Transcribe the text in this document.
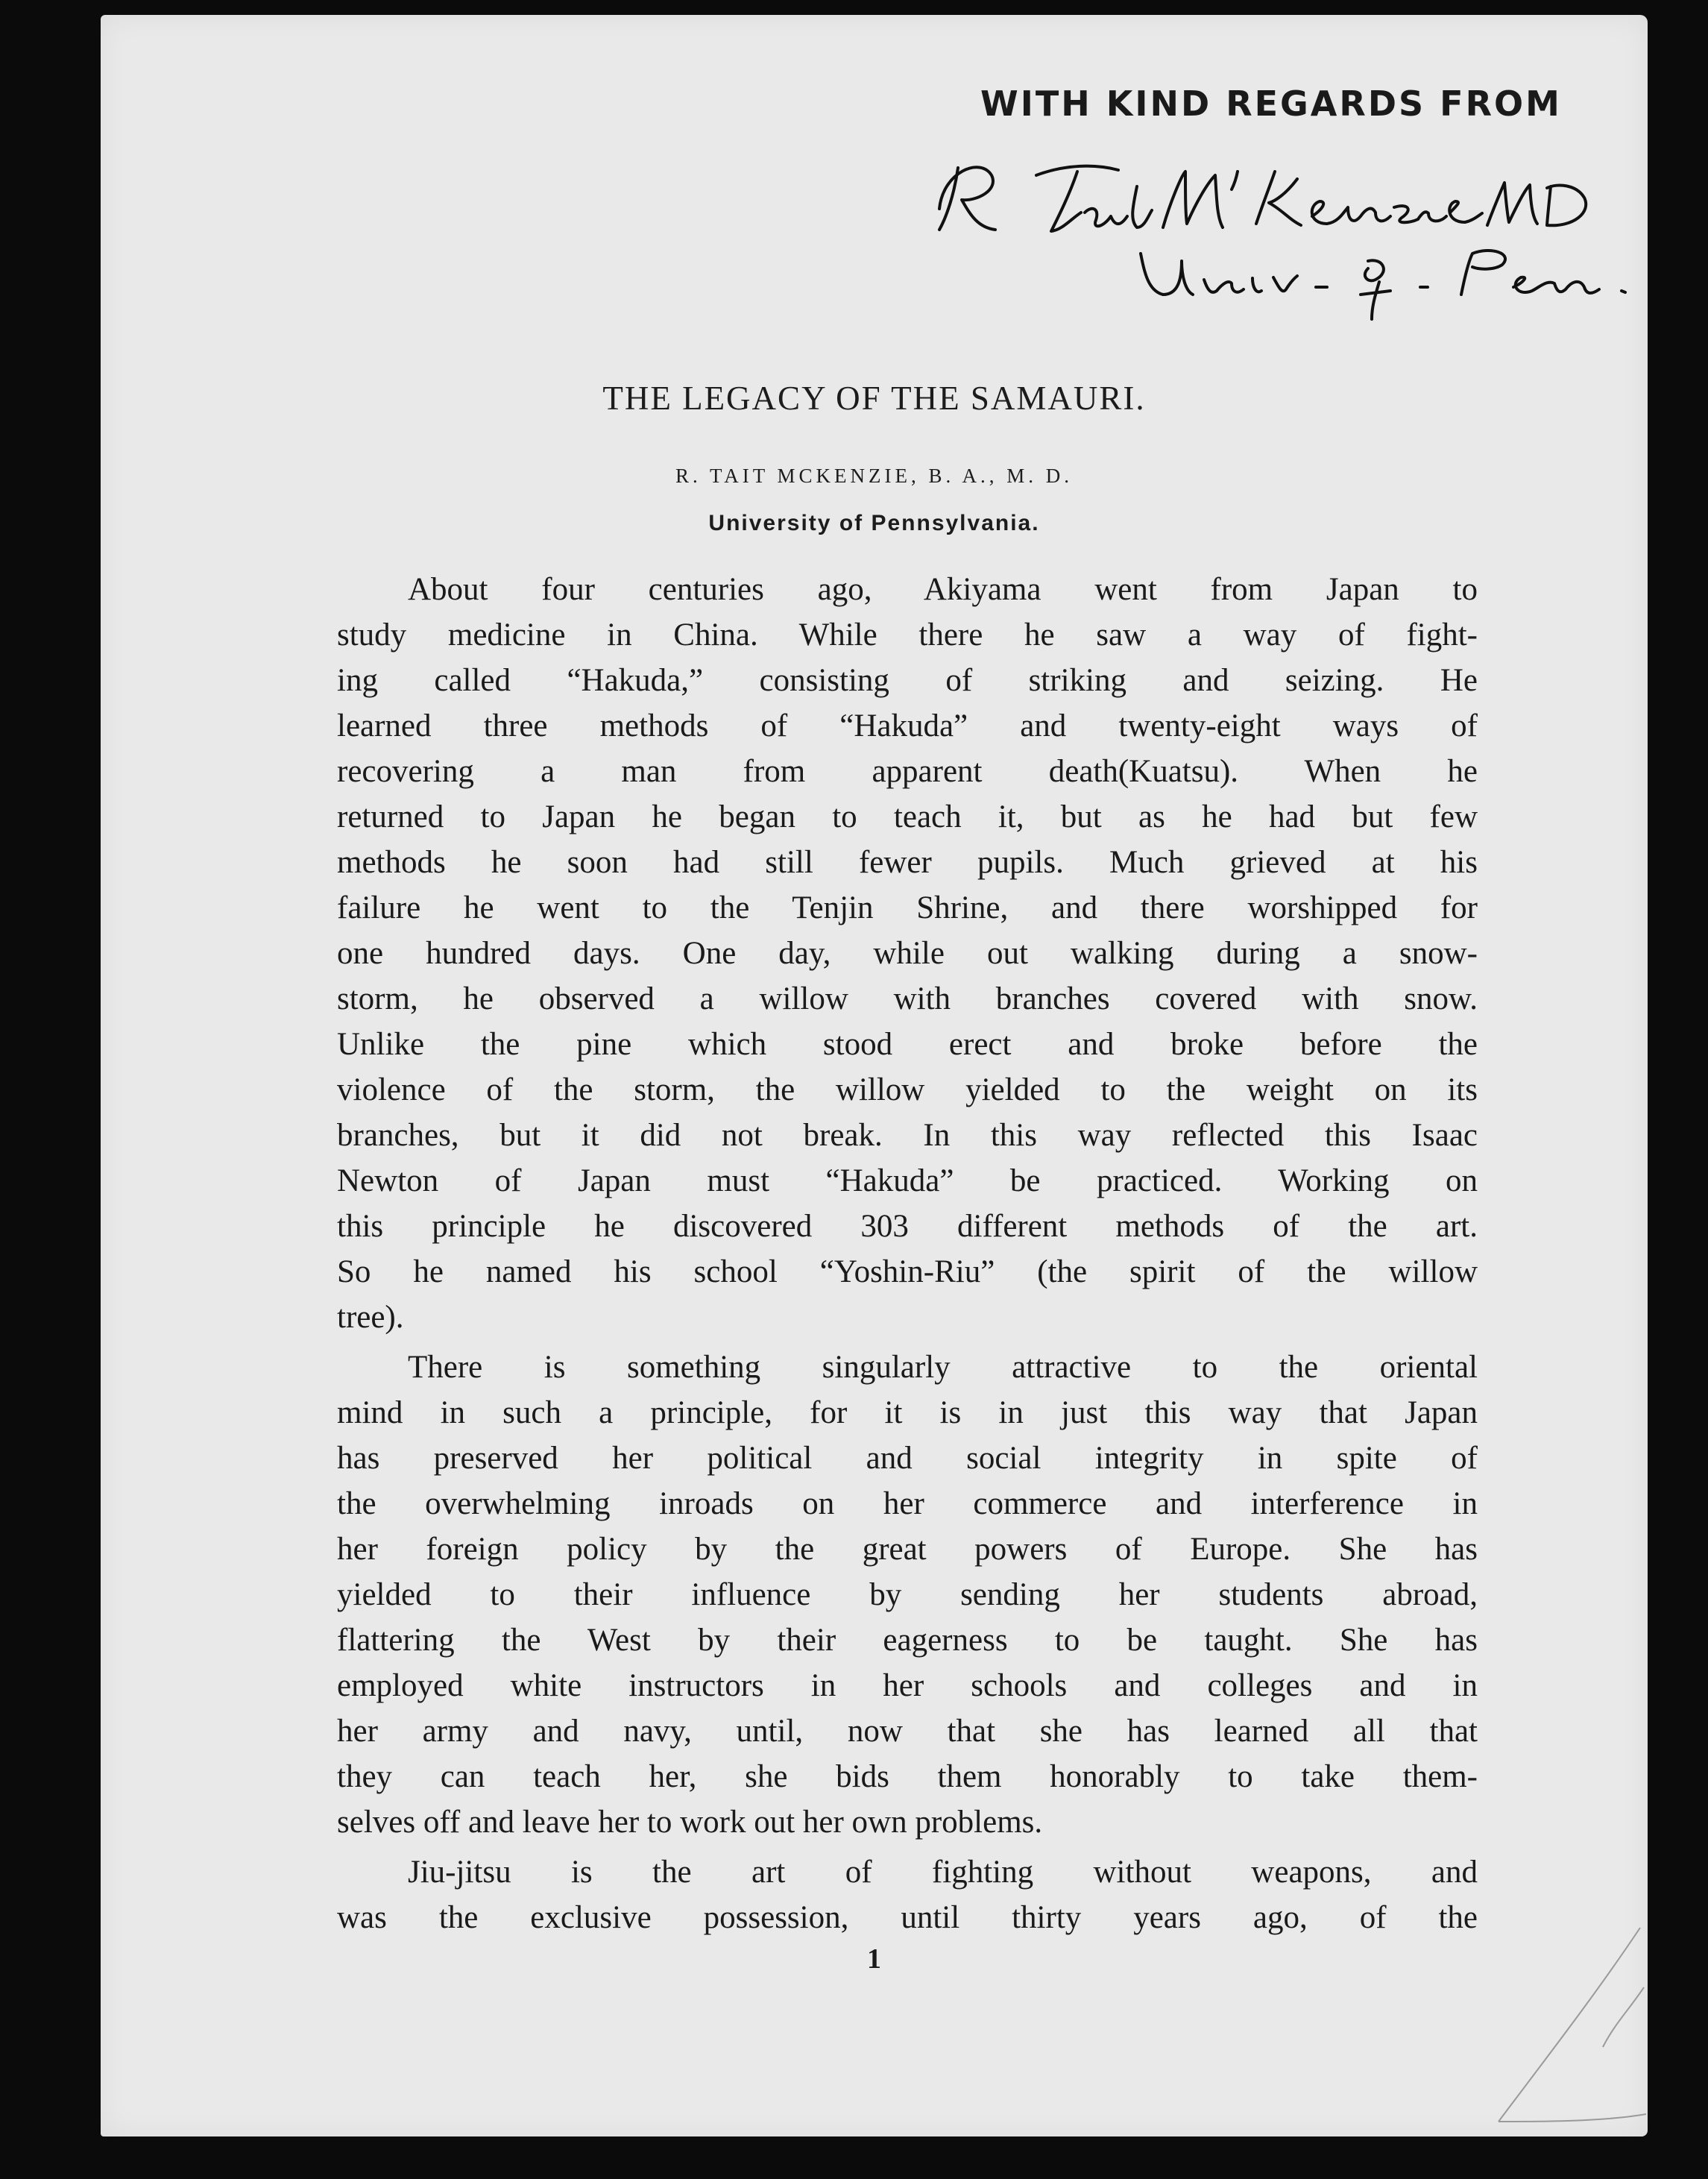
WITH KIND REGARDS FROM
THE LEGACY OF THE SAMAURI.
R. TAIT MCKENZIE, B. A., M. D.
University of Pennsylvania.
About four centuries ago, Akiyama went from Japan to
study medicine in China. While there he saw a way of fight-
ing called “Hakuda,” consisting of striking and seizing. He
learned three methods of “Hakuda” and twenty-eight ways of
recovering a man from apparent death(Kuatsu). When he
returned to Japan he began to teach it, but as he had but few
methods he soon had still fewer pupils. Much grieved at his
failure he went to the Tenjin Shrine, and there worshipped for
one hundred days. One day, while out walking during a snow-
storm, he observed a willow with branches covered with snow.
Unlike the pine which stood erect and broke before the
violence of the storm, the willow yielded to the weight on its
branches, but it did not break. In this way reflected this Isaac
Newton of Japan must “Hakuda” be practiced. Working on
this principle he discovered 303 different methods of the art.
So he named his school “Yoshin-Riu” (the spirit of the willow
tree).
There is something singularly attractive to the oriental
mind in such a principle, for it is in just this way that Japan
has preserved her political and social integrity in spite of
the overwhelming inroads on her commerce and interference in
her foreign policy by the great powers of Europe. She has
yielded to their influence by sending her students abroad,
flattering the West by their eagerness to be taught. She has
employed white instructors in her schools and colleges and in
her army and navy, until, now that she has learned all that
they can teach her, she bids them honorably to take them-
selves off and leave her to work out her own problems.
Jiu-jitsu is the art of fighting without weapons, and
was the exclusive possession, until thirty years ago, of the
1
